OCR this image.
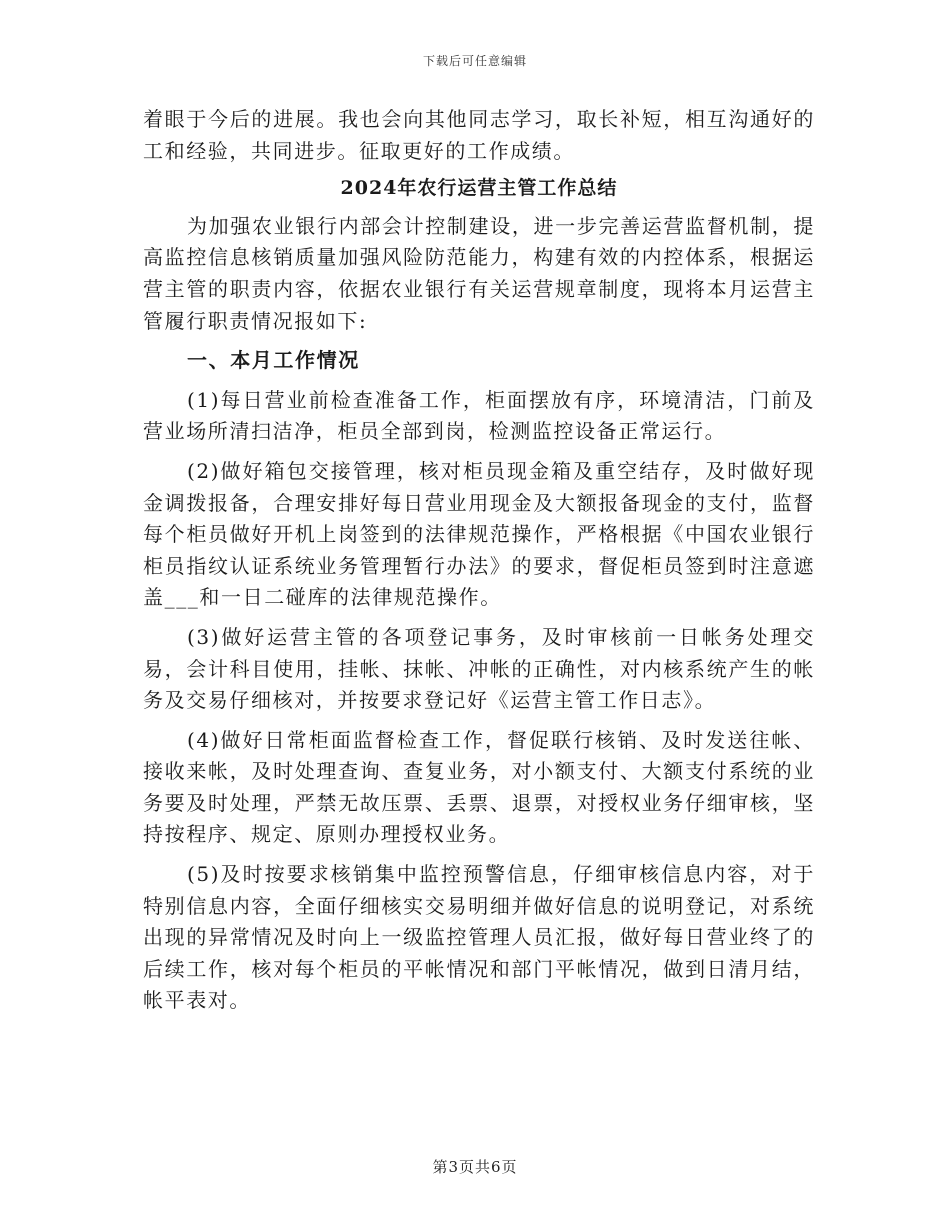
下载后可任意编辑

着眼于今后的进展。我也会向其他同志学习，取长补短，相互沟通好的工和经验，共同进步。征取更好的工作成绩。

2024年农行运营主管工作总结

为加强农业银行内部会计控制建设，进一步完善运营监督机制，提高监控信息核销质量加强风险防范能力，构建有效的内控体系，根据运营主管的职责内容，依据农业银行有关运营规章制度，现将本月运营主管履行职责情况报如下:

一、本月工作情况

(1)每日营业前检查准备工作，柜面摆放有序，环境清洁，门前及营业场所清扫洁净，柜员全部到岗，检测监控设备正常运行。

(2)做好箱包交接管理，核对柜员现金箱及重空结存，及时做好现金调拨报备，合理安排好每日营业用现金及大额报备现金的支付，监督每个柜员做好开机上岗签到的法律规范操作，严格根据《中国农业银行柜员指纹认证系统业务管理暂行办法》的要求，督促柜员签到时注意遮盖___和一日二碰库的法律规范操作。

(3)做好运营主管的各项登记事务，及时审核前一日帐务处理交易，会计科目使用，挂帐、抹帐、冲帐的正确性，对内核系统产生的帐务及交易仔细核对，并按要求登记好《运营主管工作日志》。

(4)做好日常柜面监督检查工作，督促联行核销、及时发送往帐、接收来帐，及时处理查询、查复业务，对小额支付、大额支付系统的业务要及时处理，严禁无故压票、丢票、退票，对授权业务仔细审核，坚持按程序、规定、原则办理授权业务。

(5)及时按要求核销集中监控预警信息，仔细审核信息内容，对于特别信息内容，全面仔细核实交易明细并做好信息的说明登记，对系统出现的异常情况及时向上一级监控管理人员汇报，做好每日营业终了的后续工作，核对每个柜员的平帐情况和部门平帐情况，做到日清月结，帐平表对。

第3页共6页
